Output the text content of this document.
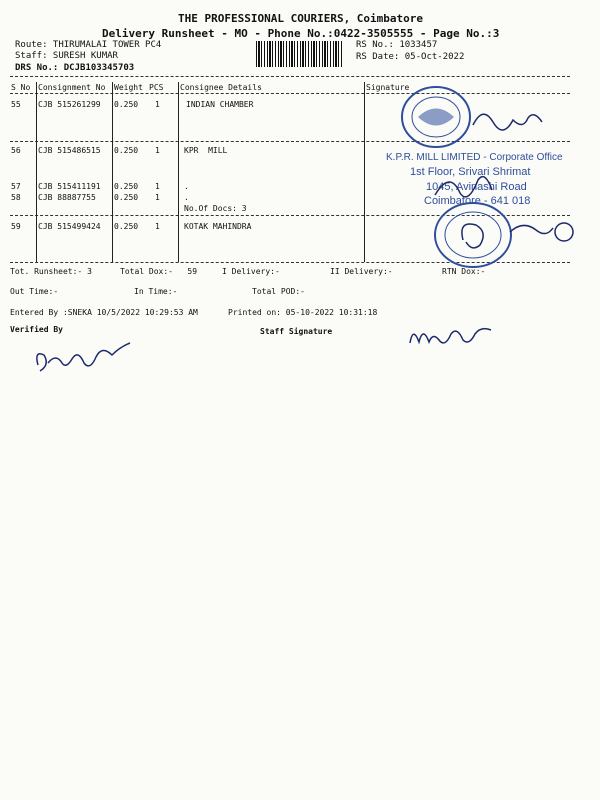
THE PROFESSIONAL COURIERS, Coimbatore
Delivery Runsheet - MO - Phone No.:0422-3505555 - Page No.:3
Route: THIRUMALAI TOWER PC4
Staff: SURESH KUMAR
DRS No.: DCJB103345703
RS No.: 1033457
RS Date: 05-Oct-2022
S No Consignment No Weight PCS Consignee Details	Signature
55 CJB 515261299 0.250 1	INDIAN CHAMBER
56 CJB 515486515 0.250 1	KPR  MILL
57 CJB 515411191 0.250 1	.
58 CJB 88887755 0.250 1	.
No.Of Docs: 3
59 CJB 515499424 0.250 1	KOTAK MAHINDRA
K.P.R. MILL LIMITED - Corporate Office
1st Floor, Srivari Shrimat
1045, Avinashi Road
Coimbatore - 641 018
Tot. Runsheet:- 3	Total Dox:-   59	I Delivery:-	II Delivery:-	RTN Dox:-
Out Time:-	In Time:-	Total POD:-
Entered By :SNEKA 10/5/2022 10:29:53 AM	Printed on: 05-10-2022 10:31:18
Verified By	Staff Signature
